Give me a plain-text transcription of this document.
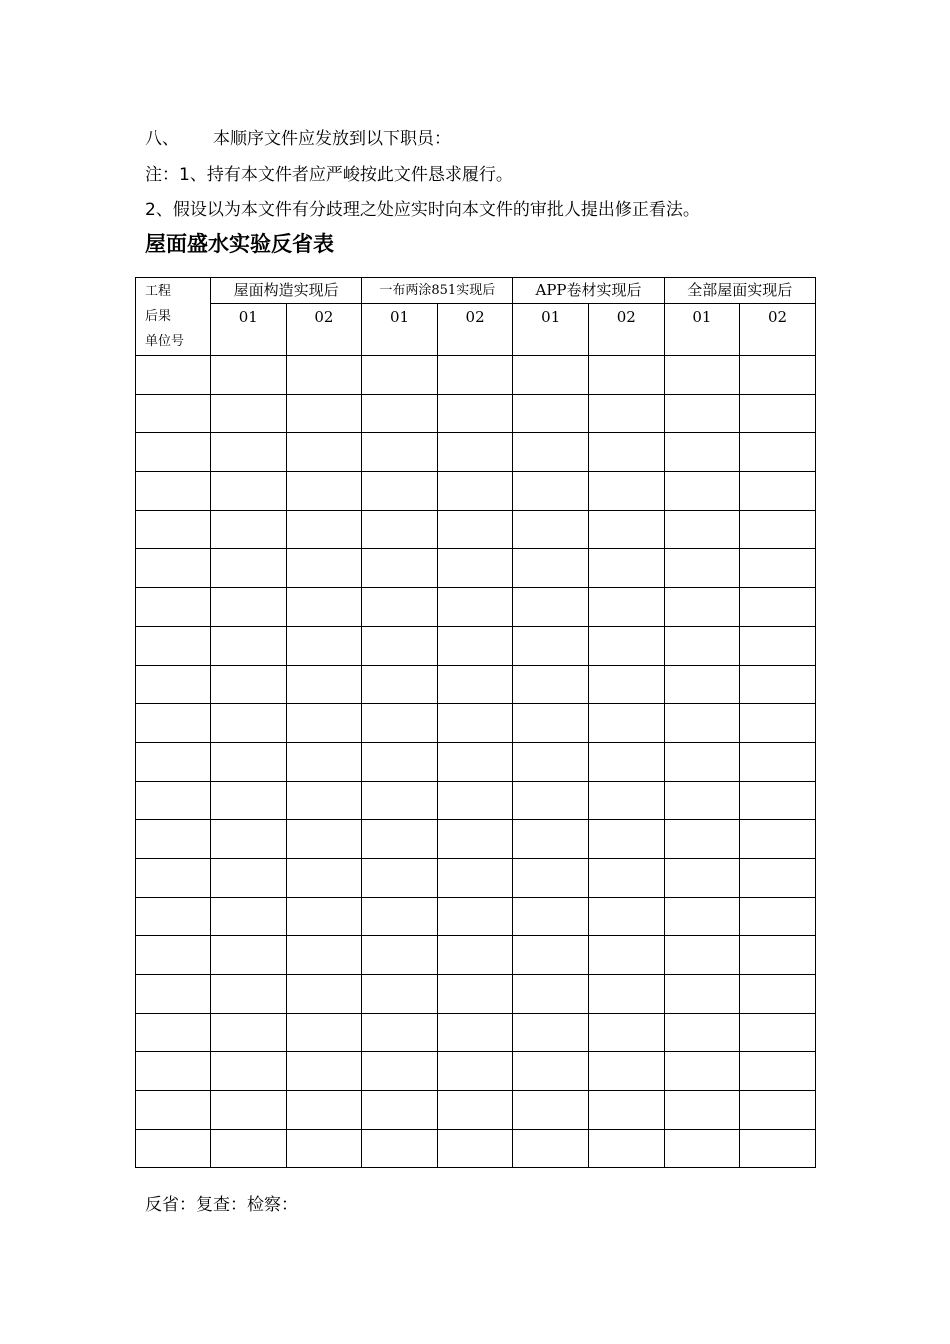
八、 本顺序文件应发放到以下职员：
注：1、持有本文件者应严峻按此文件恳求履行。
2、假设以为本文件有分歧理之处应实时向本文件的审批人提出修正看法。
屋面盛水实验反省表
工程
后果
单位号	屋面构造实现后		一布两涂851实现后		APP卷材实现后		全部屋面实现后	
	01	02	01	02	01	02	01	02

反省：复查：检察：
